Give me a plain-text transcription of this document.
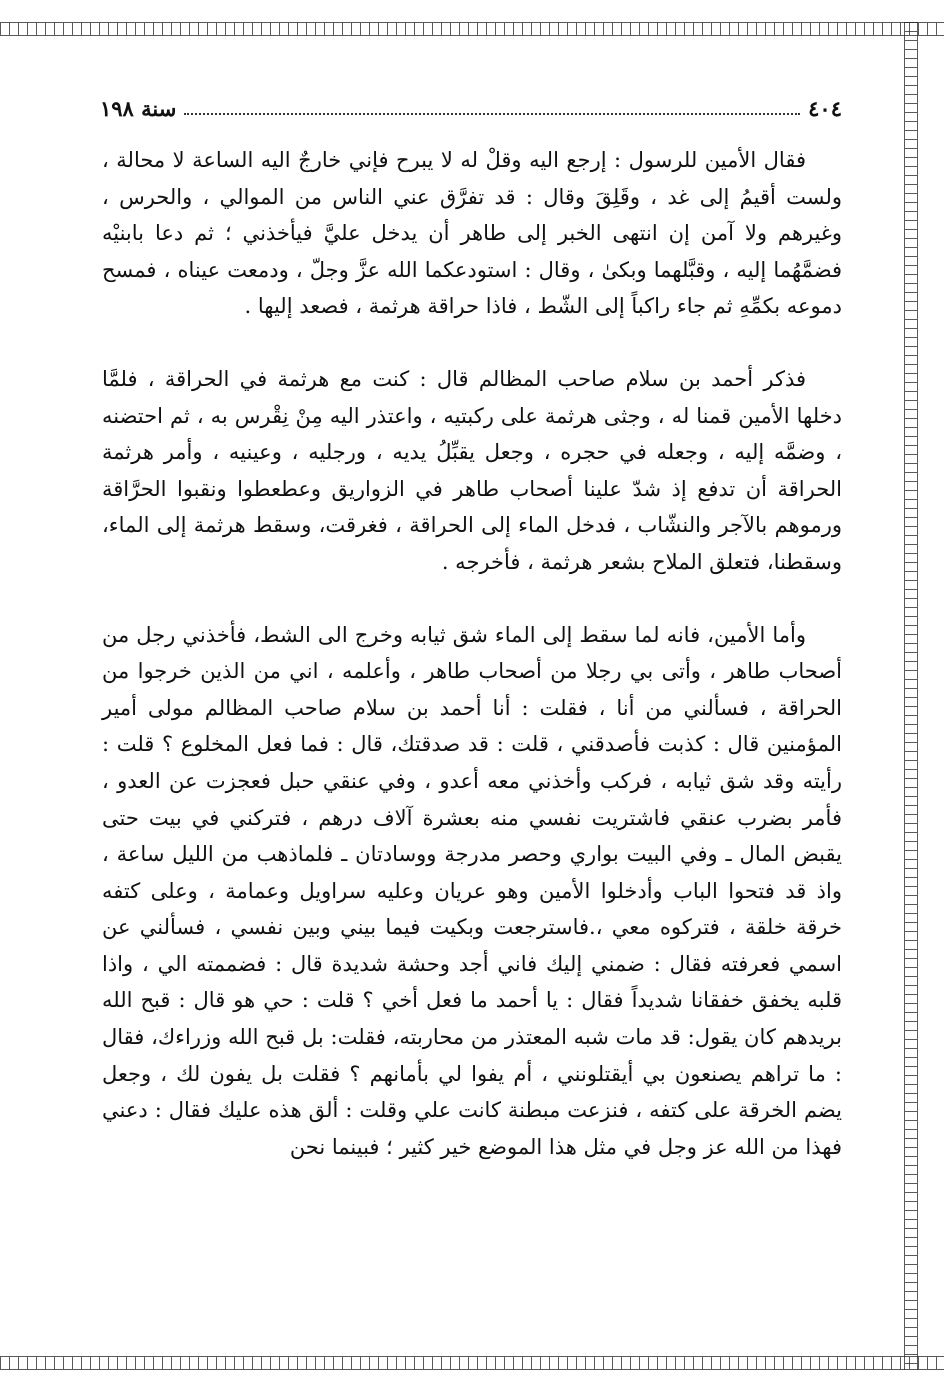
٤٠٤
سنة ١٩٨

فقال الأمين للرسول : إرجع اليه وقلْ له لا يبرح فإني خارجٌ اليه الساعة لا محالة ، ولست أقيمُ إلى غد ، وقَلِقَ وقال : قد تفرَّق عني الناس من الموالي ، والحرس ، وغيرهم ولا آمن إن انتهى الخبر إلى طاهر أن يدخل عليَّ فيأخذني ؛ ثم دعا بابنيْه فضمَّهُما إليه ، وقبَّلهما وبكىٰ ، وقال : استودعكما الله عزَّ وجلّ ، ودمعت عيناه ، فمسح دموعه بكمِّهِ ثم جاء راكباً إلى الشّط ، فاذا حراقة هرثمة ، فصعد إليها .

فذكر أحمد بن سلام صاحب المظالم قال : كنت مع هرثمة في الحراقة ، فلمَّا دخلها الأمين قمنا له ، وجثى هرثمة على ركبتيه ، واعتذر اليه مِنْ نِقْرس به ، ثم احتضنه ، وضمَّه إليه ، وجعله في حجره ، وجعل يقبِّلُ يديه ، ورجليه ، وعينيه ، وأمر هرثمة الحراقة أن تدفع إذ شدّ علينا أصحاب طاهر في الزواريق وعطعطوا ونقبوا الحرَّاقة ورموهم بالآجر والنشّاب ، فدخل الماء إلى الحراقة ، فغرقت، وسقط هرثمة إلى الماء، وسقطنا، فتعلق الملاح بشعر هرثمة ، فأخرجه .

وأما الأمين، فانه لما سقط إلى الماء شق ثيابه وخرج الى الشط، فأخذني رجل من أصحاب طاهر ، وأتى بي رجلا من أصحاب طاهر ، وأعلمه ، اني من الذين خرجوا من الحراقة ، فسألني من أنا ، فقلت : أنا أحمد بن سلام صاحب المظالم مولى أمير المؤمنين قال : كذبت فأصدقني ، قلت : قد صدقتك، قال : فما فعل المخلوع ؟ قلت : رأيته وقد شق ثيابه ، فركب وأخذني معه أعدو ، وفي عنقي حبل فعجزت عن العدو ، فأمر بضرب عنقي فاشتريت نفسي منه بعشرة آلاف درهم ، فتركني في بيت حتى يقبض المال ـ وفي البيت بواري وحصر مدرجة ووسادتان ـ فلماذهب من الليل ساعة ، واذ قد فتحوا الباب وأدخلوا الأمين وهو عريان وعليه سراويل وعمامة ، وعلى كتفه خرقة خلقة ، فتركوه معي ،.فاسترجعت وبكيت فيما بيني وبين نفسي ، فسألني عن اسمي فعرفته فقال : ضمني إليك فاني أجد وحشة شديدة قال : فضممته الي ، واذا قلبه يخفق خفقانا شديداً فقال : يا أحمد ما فعل أخي ؟ قلت : حي هو قال : قبح الله بريدهم كان يقول: قد مات شبه المعتذر من محاربته، فقلت: بل قبح الله وزراءك، فقال : ما تراهم يصنعون بي أيقتلونني ، أم يفوا لي بأمانهم ؟ فقلت بل يفون لك ، وجعل يضم الخرقة على كتفه ، فنزعت مبطنة كانت علي وقلت : ألق هذه عليك فقال : دعني فهذا من الله عز وجل في مثل هذا الموضع خير كثير ؛ فبينما نحن
